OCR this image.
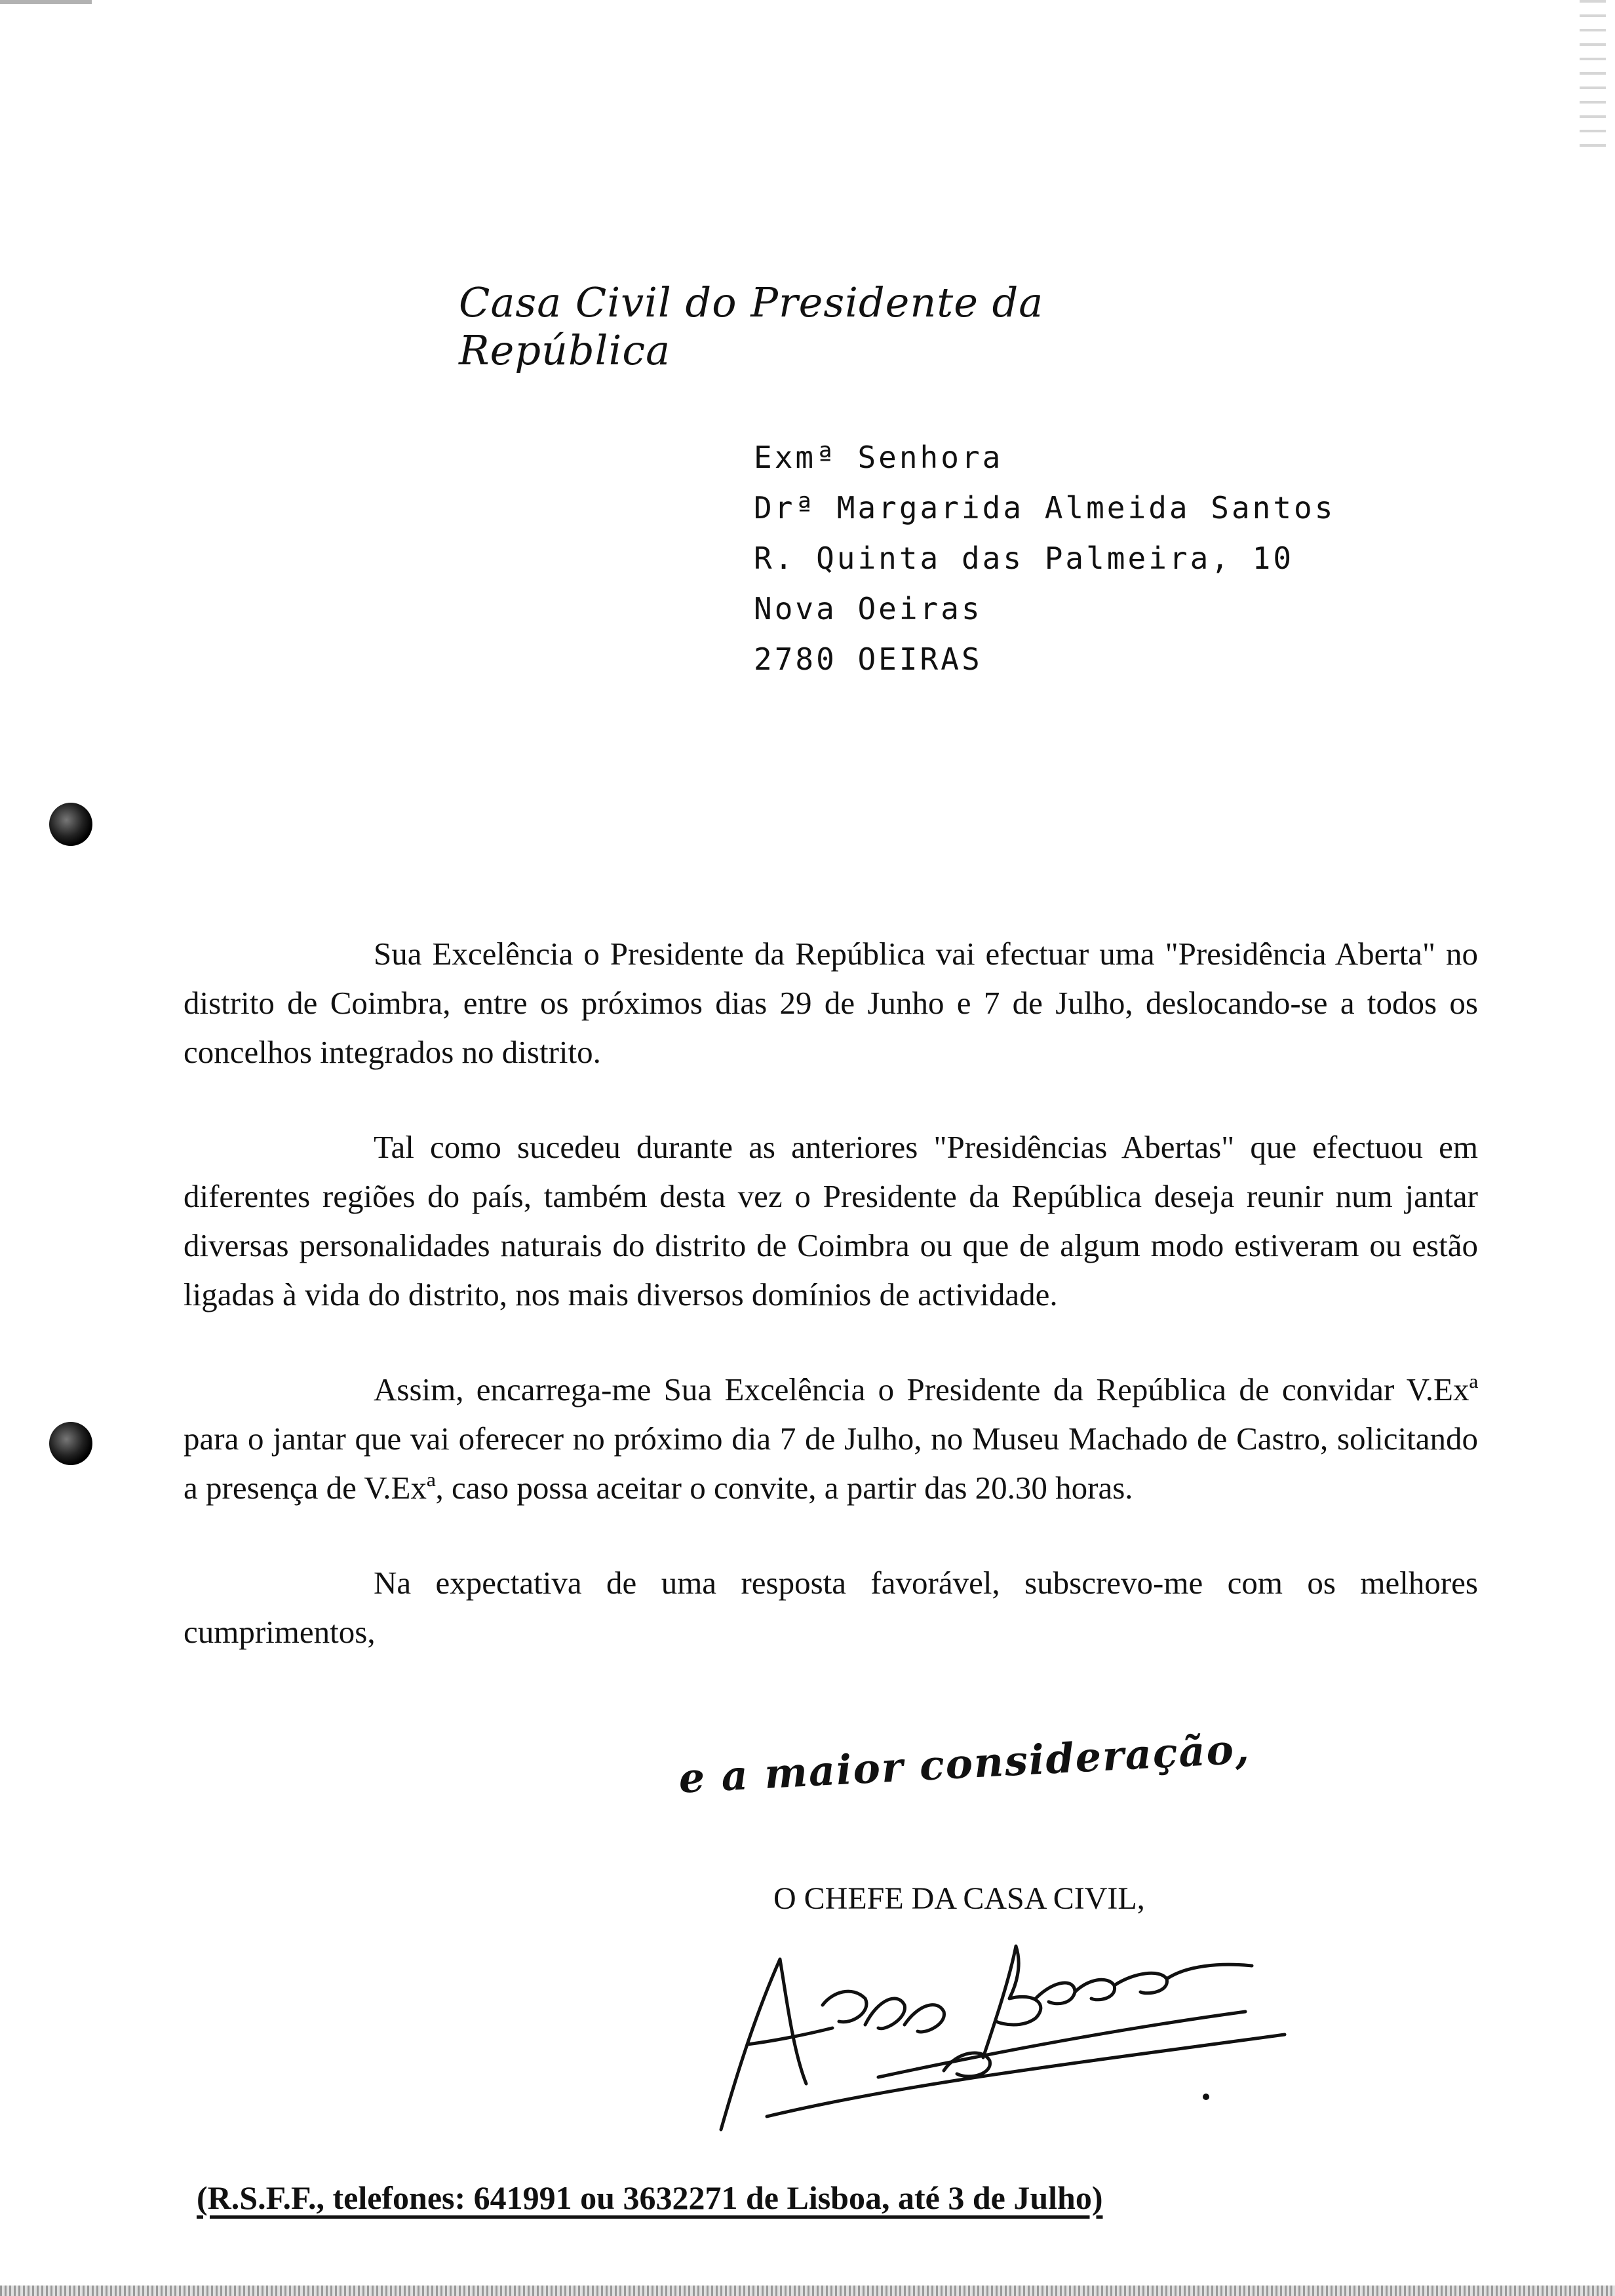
Casa Civil do Presidente da República
Exmª Senhora
Drª Margarida Almeida Santos
R. Quinta das Palmeira, 10
Nova Oeiras
2780 OEIRAS

Sua Excelência o Presidente da República vai efectuar uma "Presidência Aberta" no distrito de Coimbra, entre os próximos dias 29 de Junho e 7 de Julho, deslocando-se a todos os concelhos integrados no distrito.

Tal como sucedeu durante as anteriores "Presidências Abertas" que efectuou em diferentes regiões do país, também desta vez o Presidente da República deseja reunir num jantar diversas personalidades naturais do distrito de Coimbra ou que de algum modo estiveram ou estão ligadas à vida do distrito, nos mais diversos domínios de actividade.

Assim, encarrega-me Sua Excelência o Presidente da República de convidar V.Exª para o jantar que vai oferecer no próximo dia 7 de Julho, no Museu Machado de Castro, solicitando a presença de V.Exª, caso possa aceitar o convite, a partir das 20.30 horas.

Na expectativa de uma resposta favorável, subscrevo-me com os melhores cumprimentos,

e a maior consideração,
O CHEFE DA CASA CIVIL,
(R.S.F.F., telefones: 641991 ou 3632271 de Lisboa, até 3 de Julho)
